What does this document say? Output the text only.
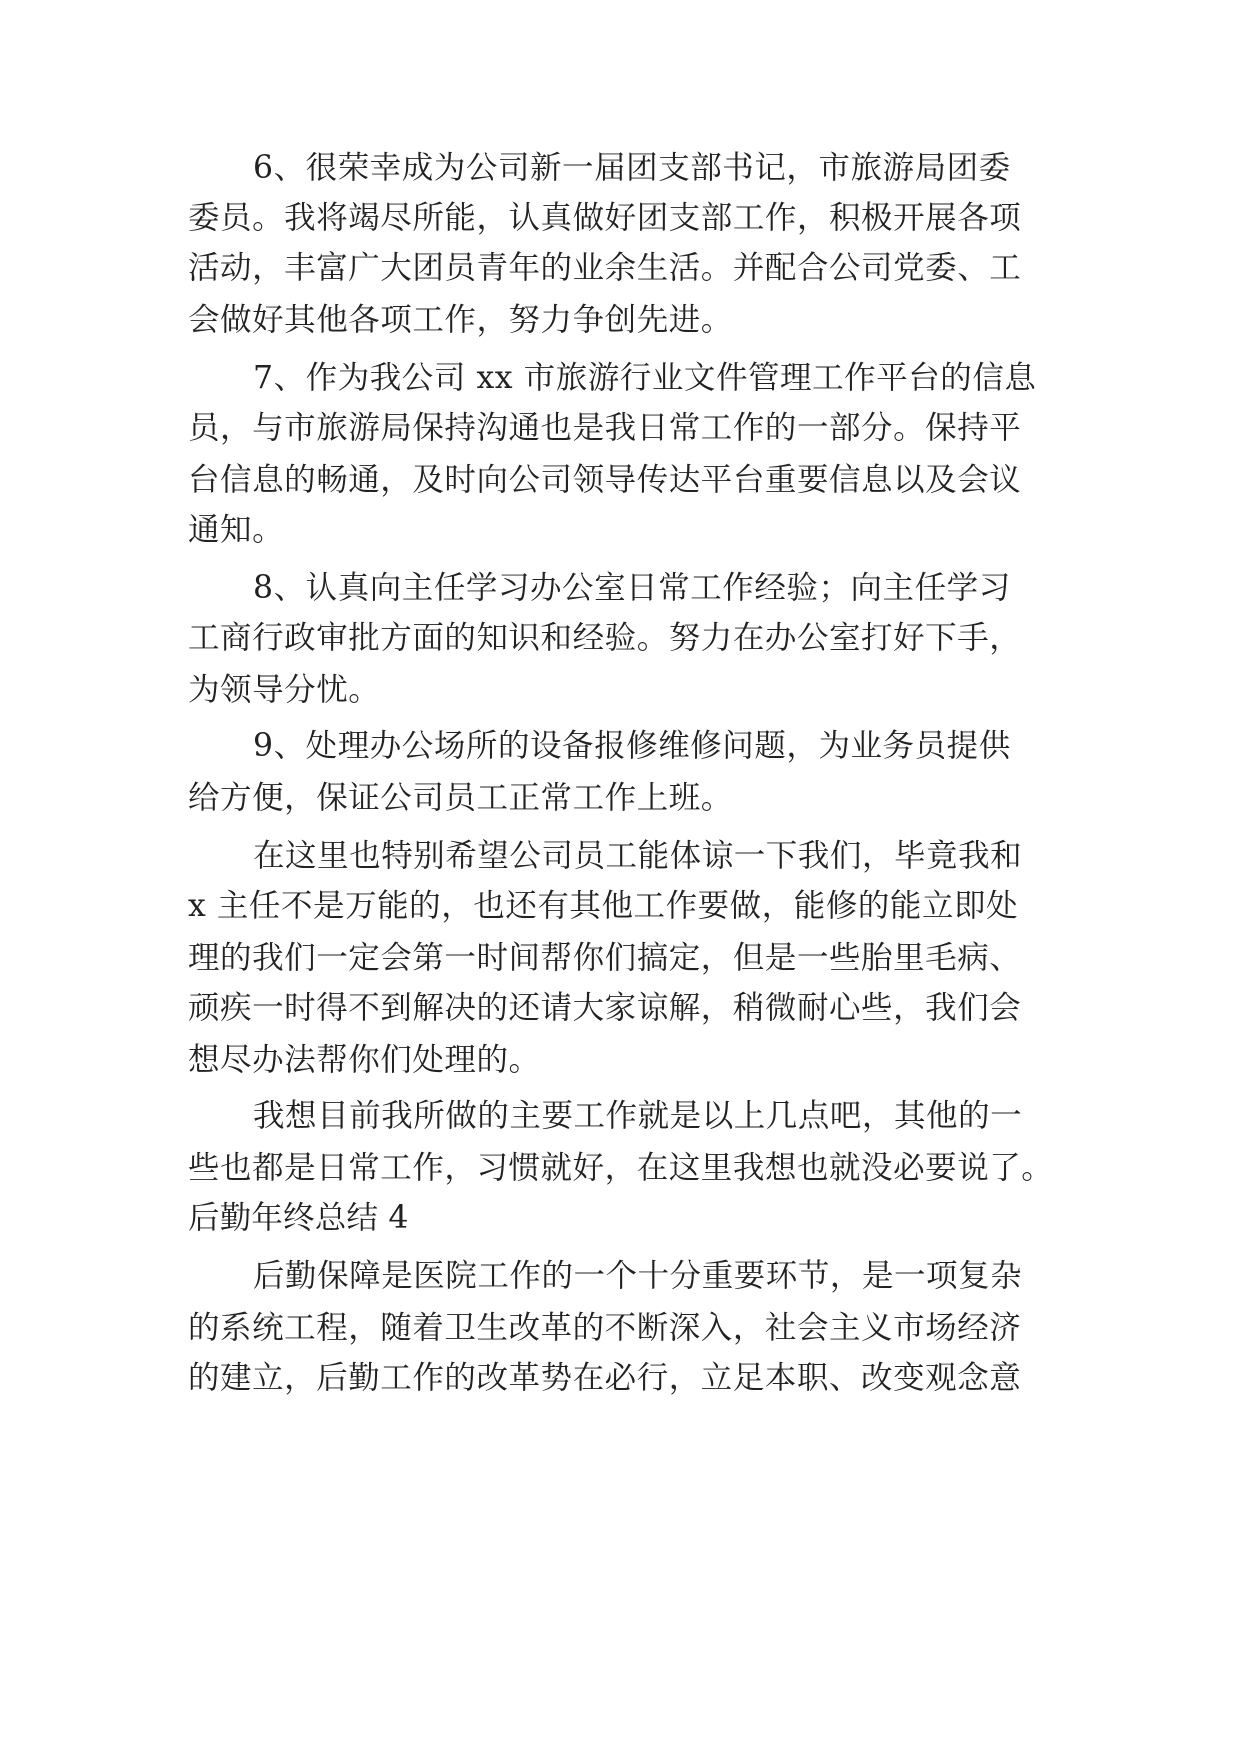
6、很荣幸成为公司新一届团支部书记，市旅游局团委
委员。我将竭尽所能，认真做好团支部工作，积极开展各项
活动，丰富广大团员青年的业余生活。并配合公司党委、工
会做好其他各项工作，努力争创先进。
7、作为我公司 xx 市旅游行业文件管理工作平台的信息
员，与市旅游局保持沟通也是我日常工作的一部分。保持平
台信息的畅通，及时向公司领导传达平台重要信息以及会议
通知。
8、认真向主任学习办公室日常工作经验；向主任学习
工商行政审批方面的知识和经验。努力在办公室打好下手，
为领导分忧。
9、处理办公场所的设备报修维修问题，为业务员提供
给方便，保证公司员工正常工作上班。
在这里也特别希望公司员工能体谅一下我们，毕竟我和
x 主任不是万能的，也还有其他工作要做，能修的能立即处
理的我们一定会第一时间帮你们搞定，但是一些胎里毛病、
顽疾一时得不到解决的还请大家谅解，稍微耐心些，我们会
想尽办法帮你们处理的。
我想目前我所做的主要工作就是以上几点吧，其他的一
些也都是日常工作，习惯就好，在这里我想也就没必要说了。
后勤年终总结 4
后勤保障是医院工作的一个十分重要环节，是一项复杂
的系统工程，随着卫生改革的不断深入，社会主义市场经济
的建立，后勤工作的改革势在必行，立足本职、改变观念意
